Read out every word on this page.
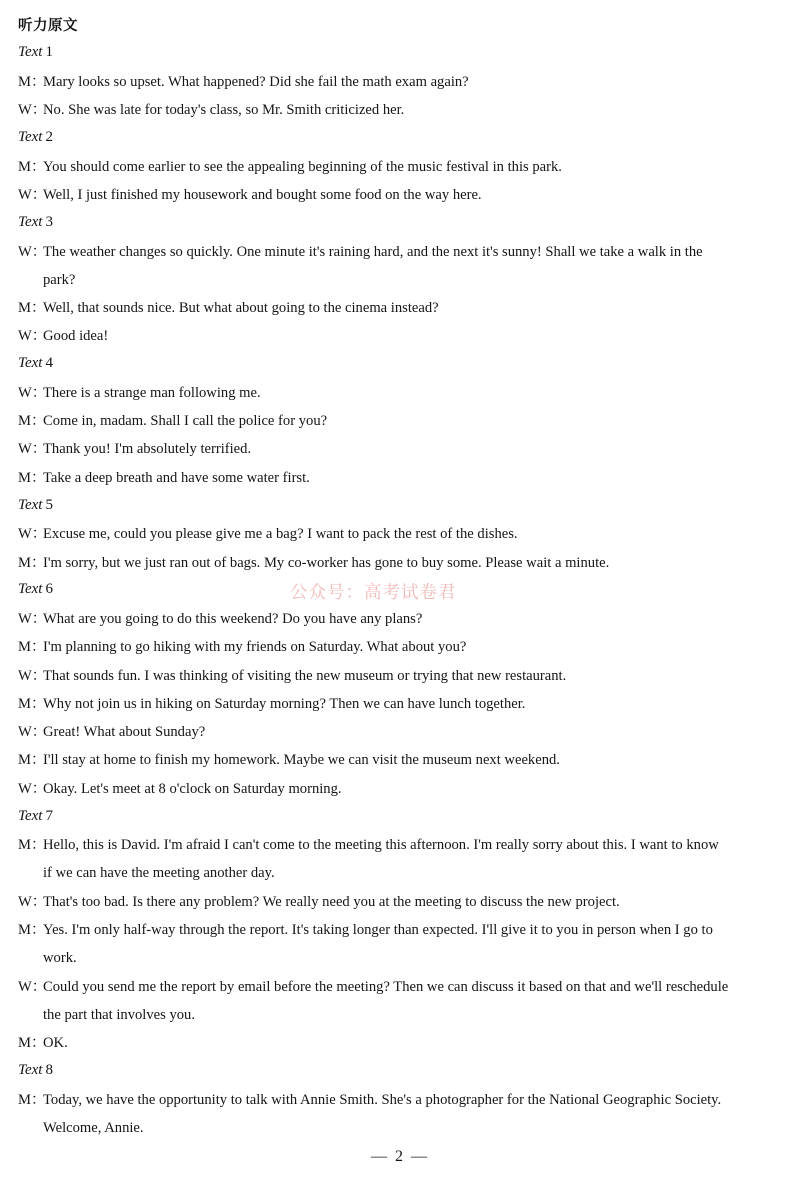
听力原文
Text 1
M：Mary looks so upset. What happened? Did she fail the math exam again?
W：No. She was late for today's class, so Mr. Smith criticized her.
Text 2
M：You should come earlier to see the appealing beginning of the music festival in this park.
W：Well, I just finished my housework and bought some food on the way here.
Text 3
W：The weather changes so quickly. One minute it's raining hard, and the next it's sunny! Shall we take a walk in the
park?
M：Well, that sounds nice. But what about going to the cinema instead?
W：Good idea!
Text 4
W：There is a strange man following me.
M：Come in, madam. Shall I call the police for you?
W：Thank you! I'm absolutely terrified.
M：Take a deep breath and have some water first.
Text 5
W：Excuse me, could you please give me a bag? I want to pack the rest of the dishes.
M：I'm sorry, but we just ran out of bags. My co-worker has gone to buy some. Please wait a minute.
公众号：高考试卷君
Text 6
W：What are you going to do this weekend? Do you have any plans?
M：I'm planning to go hiking with my friends on Saturday. What about you?
W：That sounds fun. I was thinking of visiting the new museum or trying that new restaurant.
M：Why not join us in hiking on Saturday morning? Then we can have lunch together.
W：Great! What about Sunday?
M：I'll stay at home to finish my homework. Maybe we can visit the museum next weekend.
W：Okay. Let's meet at 8 o'clock on Saturday morning.
Text 7
M：Hello, this is David. I'm afraid I can't come to the meeting this afternoon. I'm really sorry about this. I want to know
if we can have the meeting another day.
W：That's too bad. Is there any problem? We really need you at the meeting to discuss the new project.
M：Yes. I'm only half-way through the report. It's taking longer than expected. I'll give it to you in person when I go to
work.
W：Could you send me the report by email before the meeting? Then we can discuss it based on that and we'll reschedule
the part that involves you.
M：OK.
Text 8
M：Today, we have the opportunity to talk with Annie Smith. She's a photographer for the National Geographic Society.
Welcome, Annie.
— 2 —
